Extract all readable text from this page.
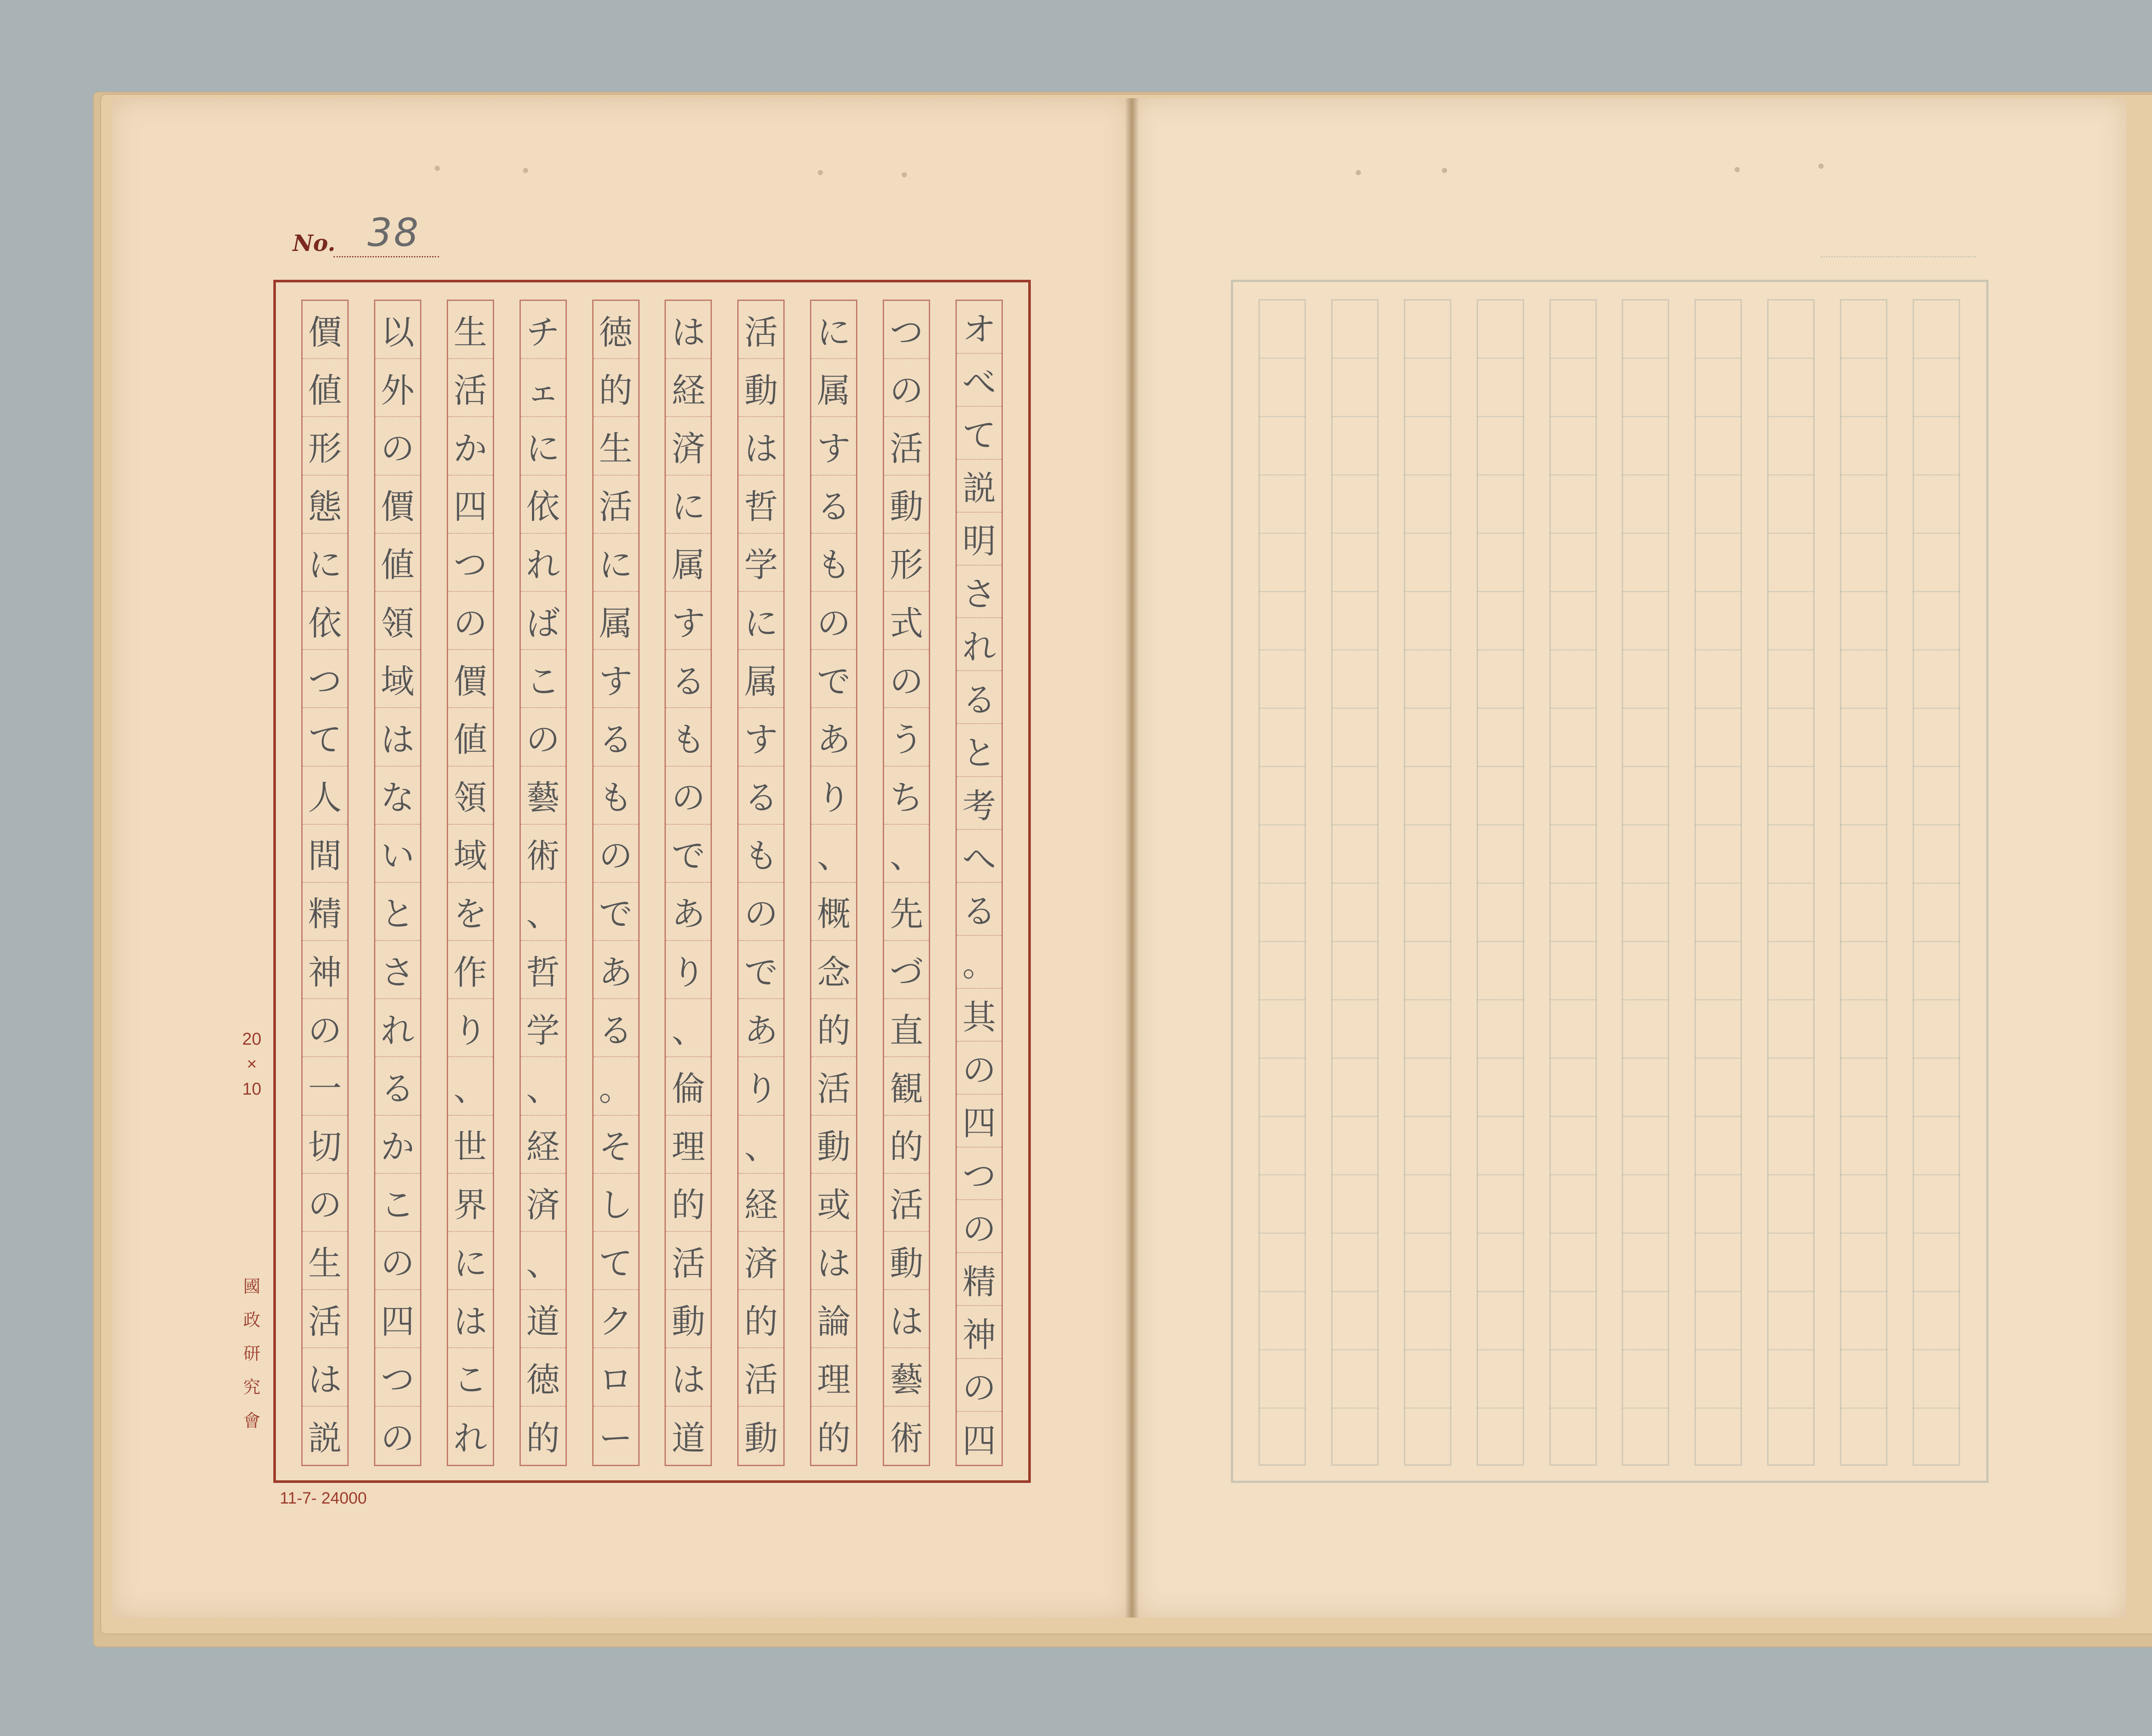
No. 38
オ
べ
て
説
明
さ
れ
る
と
考
へ
る
。
其
の
四
つ
の
精
神
の
四
つ
の
活
動
形
式
の
う
ち
、
先
づ
直
観
的
活
動
は
藝
術
に
属
す
る
も
の
で
あ
り
、
概
念
的
活
動
或
は
論
理
的
活
動
は
哲
学
に
属
す
る
も
の
で
あ
り
、
経
済
的
活
動
は
経
済
に
属
す
る
も
の
で
あ
り
、
倫
理
的
活
動
は
道
徳
的
生
活
に
属
す
る
も
の
で
あ
る
。
そ
し
て
ク
ロ
ー
チ
ェ
に
依
れ
ば
こ
の
藝
術
、
哲
学
、
経
済
、
道
徳
的
生
活
か
四
つ
の
價
値
領
域
を
作
り
、
世
界
に
は
こ
れ
以
外
の
價
値
領
域
は
な
い
と
さ
れ
る
か
こ
の
四
つ
の
價
値
形
態
に
依
つ
て
人
間
精
神
の
一
切
の
生
活
は
説
20
×
10
國
政
研
究
會
11-7- 24000
